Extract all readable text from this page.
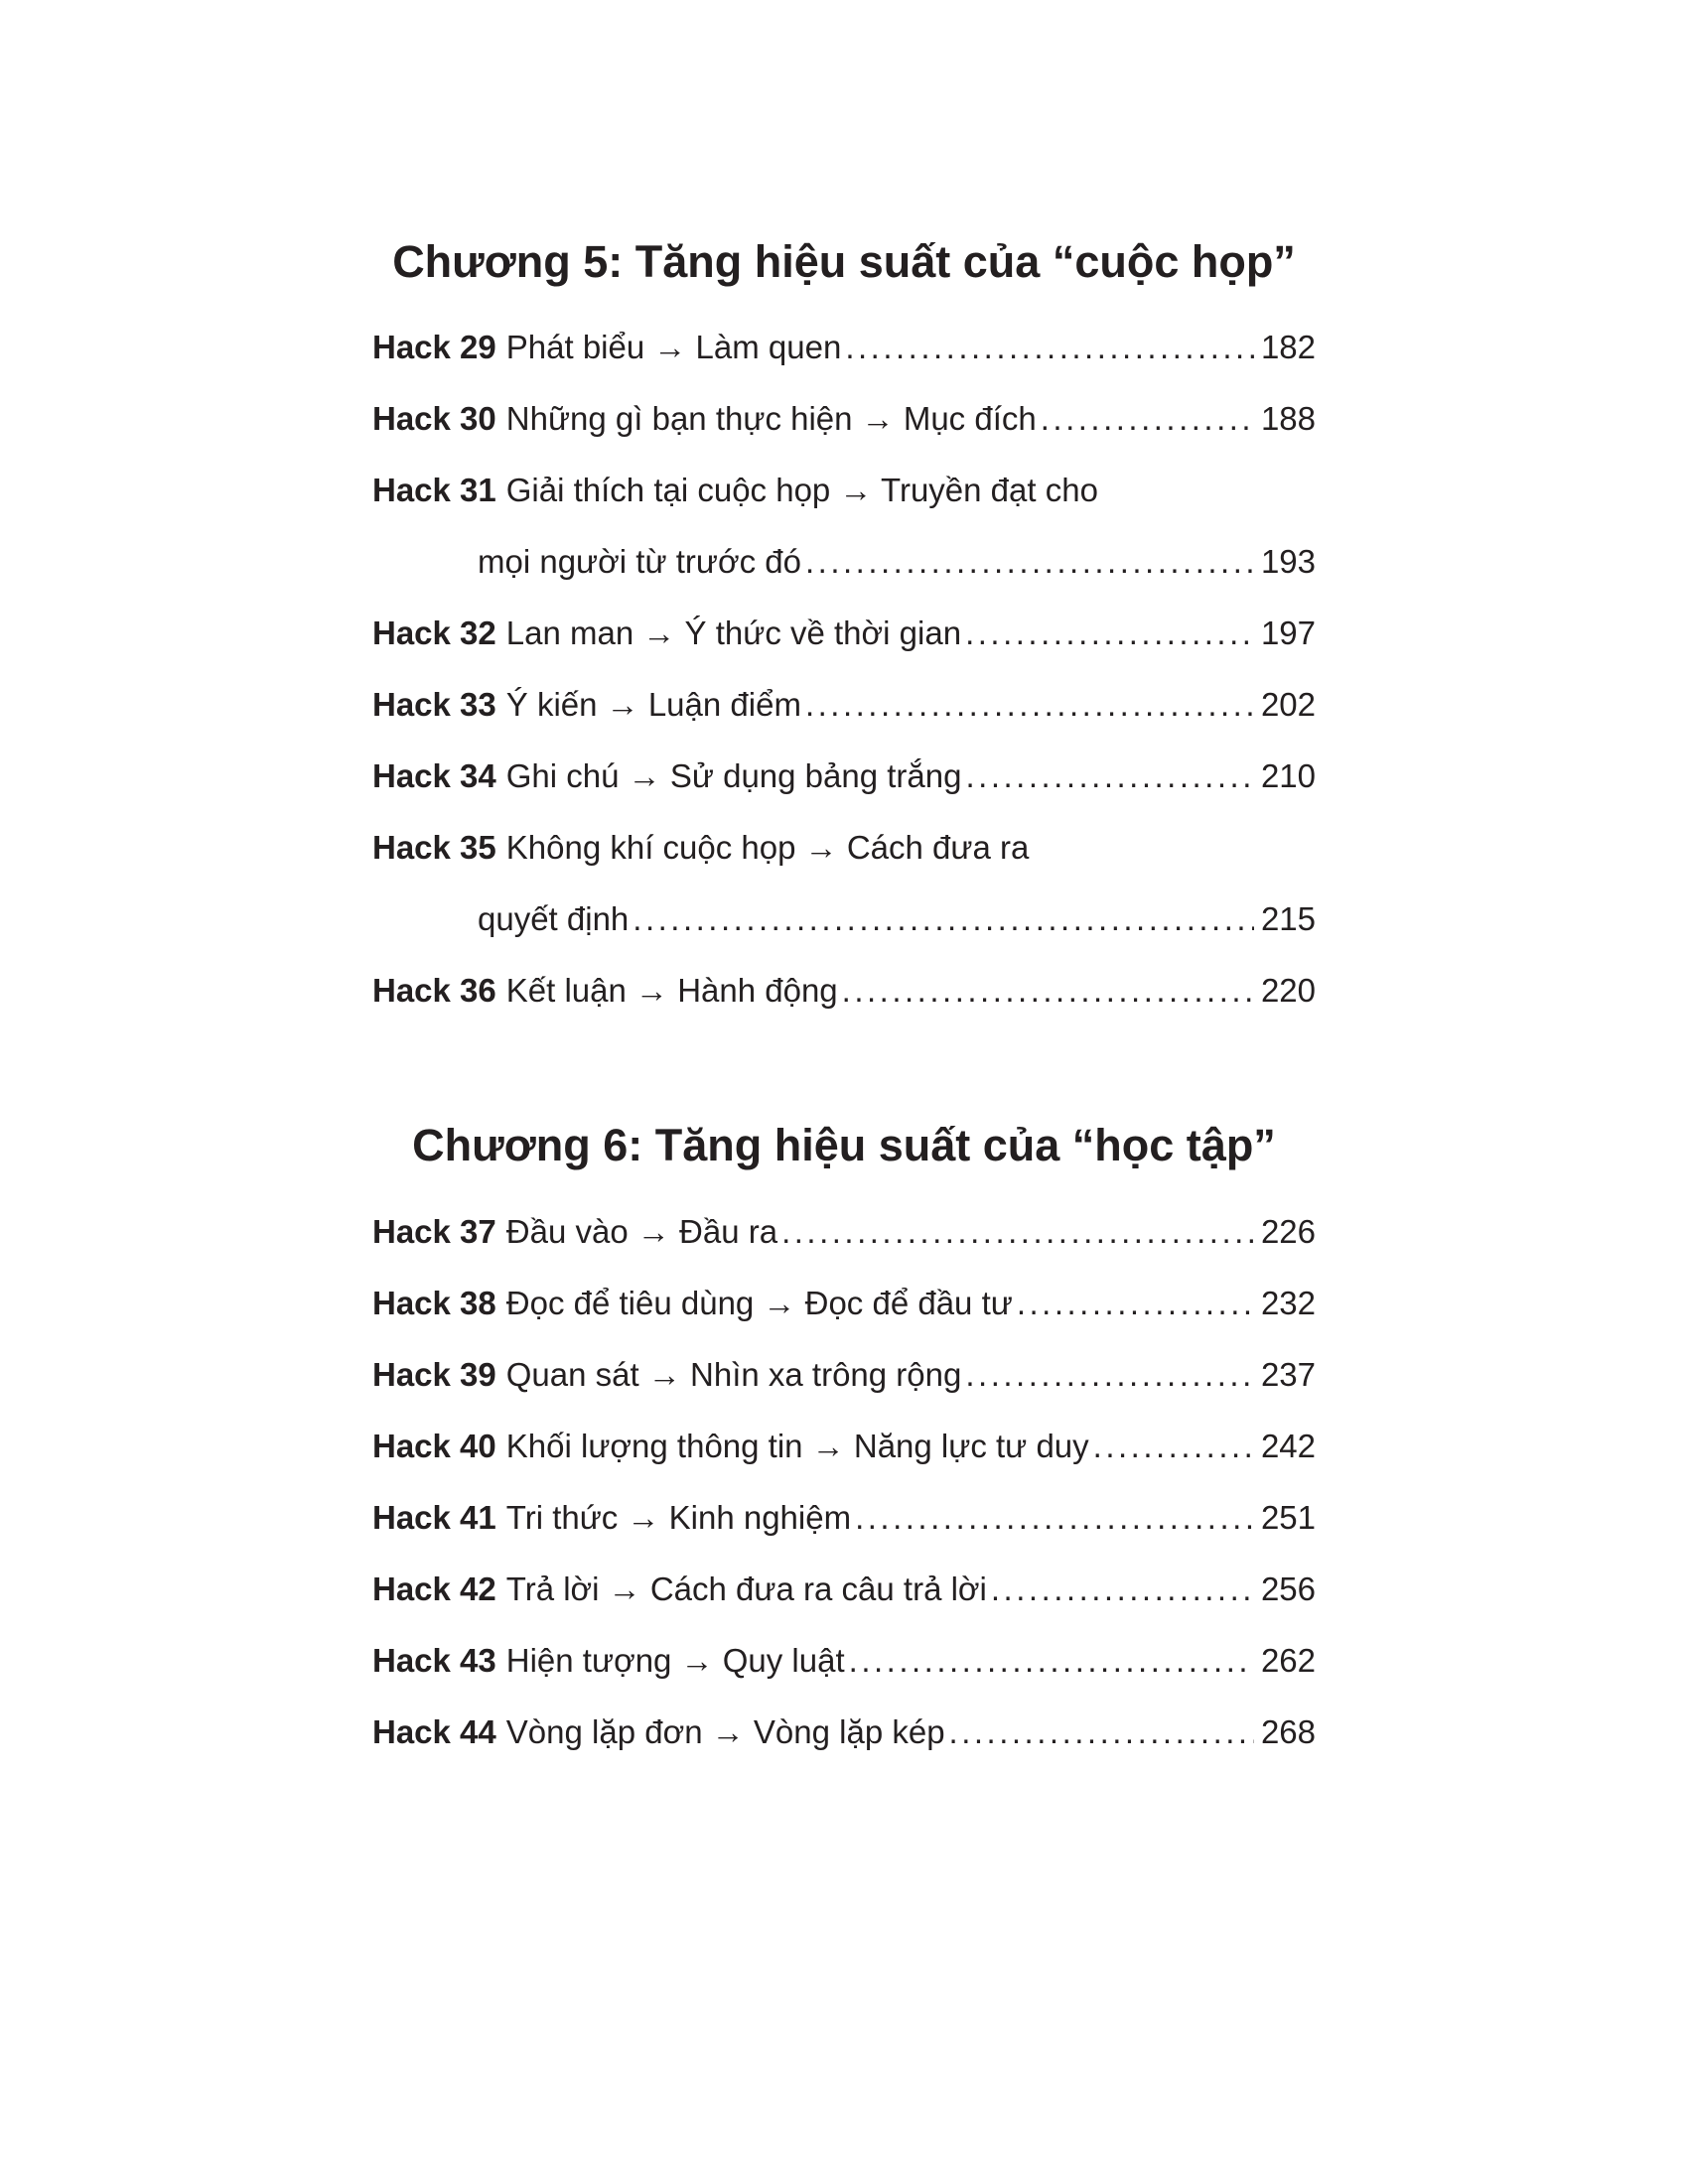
Chương 5: Tăng hiệu suất của “cuộc họp”
Hack 29 Phát biểu → Làm quen .....	182
Hack 30 Những gì bạn thực hiện → Mục đích .....	188
Hack 31 Giải thích tại cuộc họp → Truyền đạt cho
mọi người từ trước đó .....	193
Hack 32 Lan man → Ý thức về thời gian .....	197
Hack 33 Ý kiến → Luận điểm .....	202
Hack 34 Ghi chú → Sử dụng bảng trắng .....	210
Hack 35 Không khí cuộc họp → Cách đưa ra
quyết định .....	215
Hack 36 Kết luận → Hành động .....	220
Chương 6: Tăng hiệu suất của “học tập”
Hack 37 Đầu vào → Đầu ra .....	226
Hack 38 Đọc để tiêu dùng → Đọc để đầu tư .....	232
Hack 39 Quan sát → Nhìn xa trông rộng .....	237
Hack 40 Khối lượng thông tin → Năng lực tư duy .....	242
Hack 41 Tri thức → Kinh nghiệm .....	251
Hack 42 Trả lời → Cách đưa ra câu trả lời .....	256
Hack 43 Hiện tượng → Quy luật .....	262
Hack 44 Vòng lặp đơn → Vòng lặp kép .....	268
